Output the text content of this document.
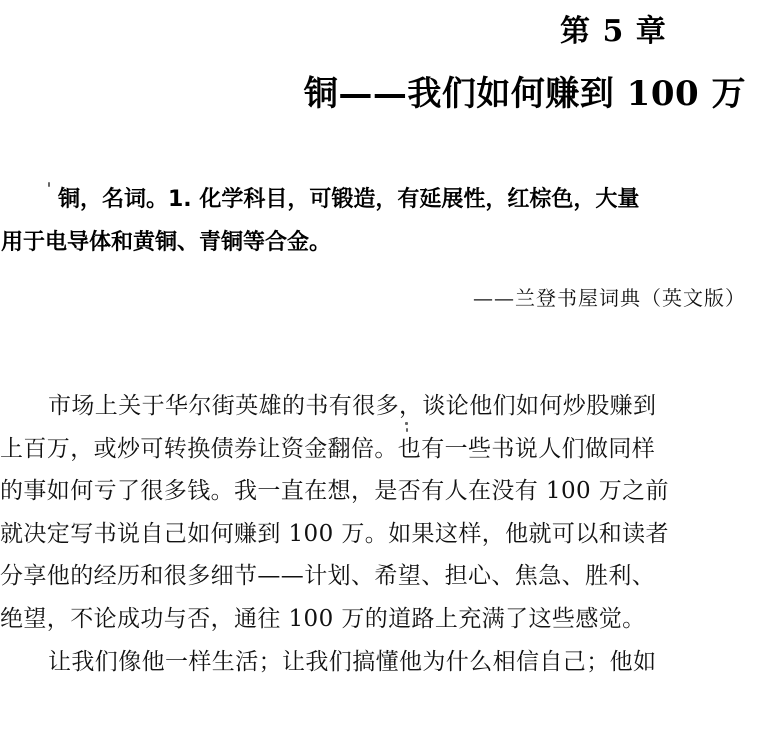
第 5 章
铜——我们如何赚到 100 万
铜，名词。1. 化学科目，可锻造，有延展性，红棕色，大量
用于电导体和黄铜、青铜等合金。
——兰登书屋词典（英文版）
市场上关于华尔街英雄的书有很多，谈论他们如何炒股赚到
上百万，或炒可转换债券让资金翻倍。也有一些书说人们做同样
的事如何亏了很多钱。我一直在想，是否有人在没有 100 万之前
就决定写书说自己如何赚到 100 万。如果这样，他就可以和读者
分享他的经历和很多细节——计划、希望、担心、焦急、胜利、
绝望，不论成功与否，通往 100 万的道路上充满了这些感觉。
让我们像他一样生活；让我们搞懂他为什么相信自己；他如
